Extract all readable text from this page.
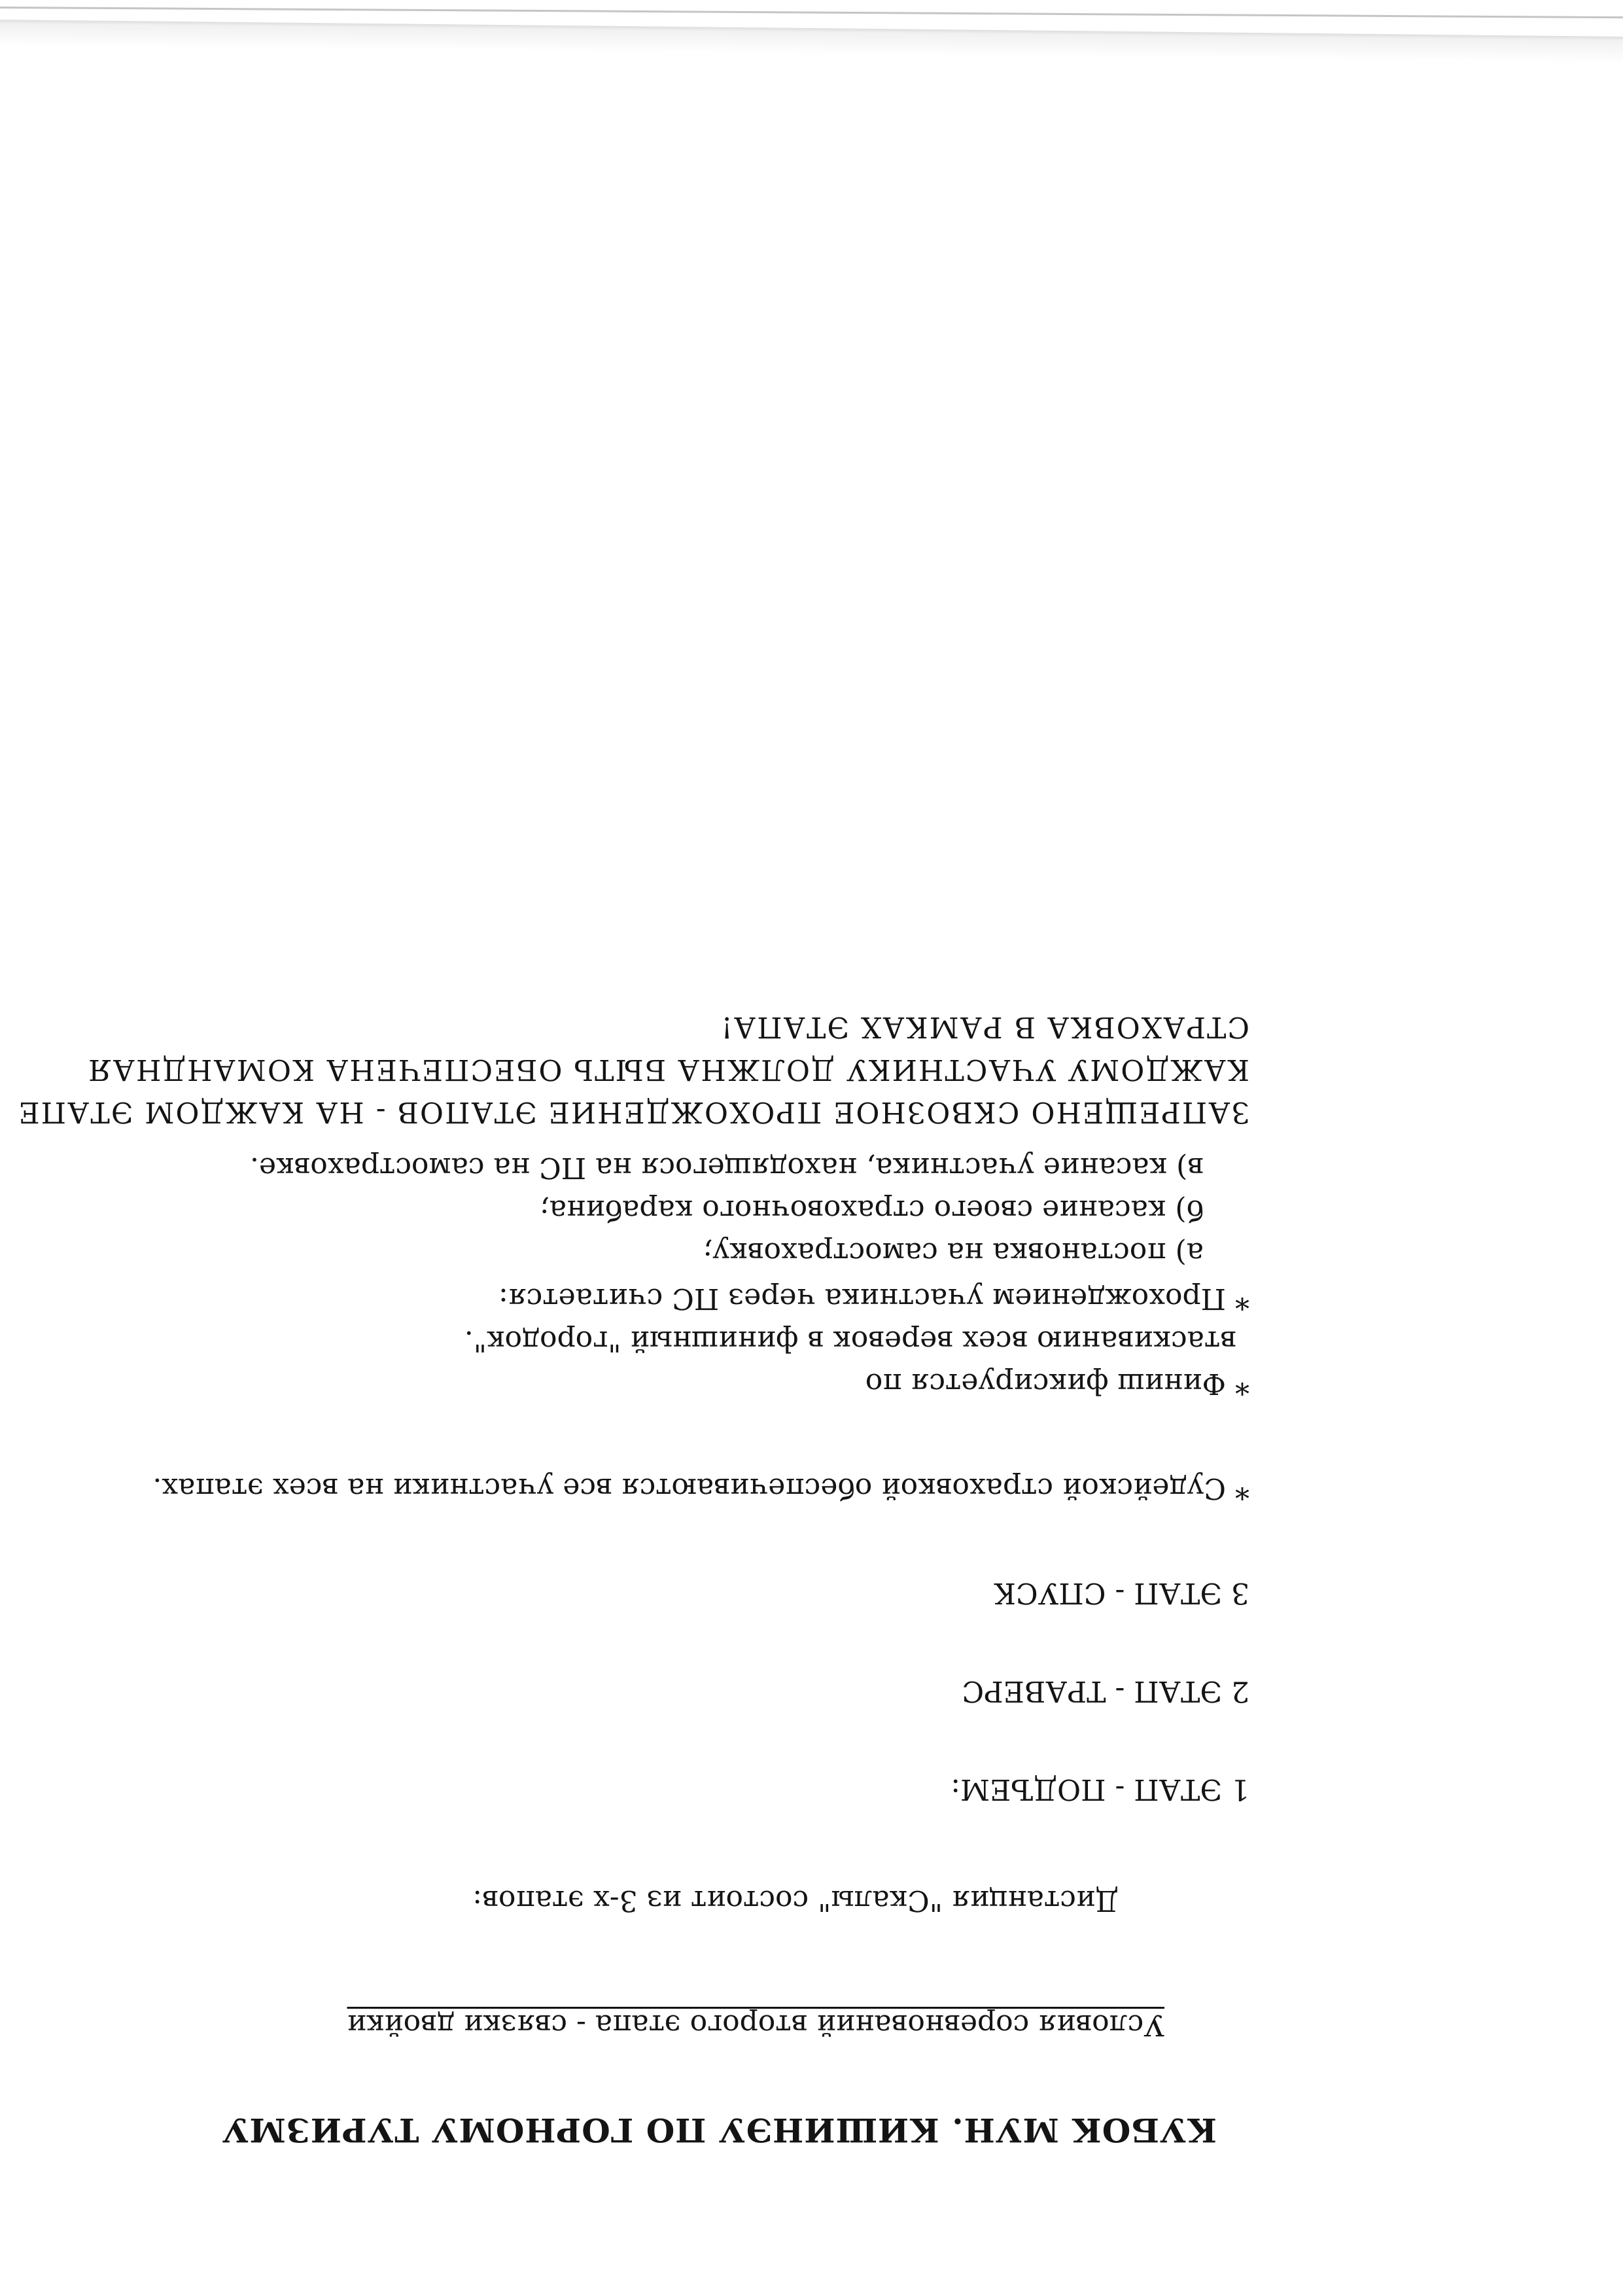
КУБОК МУН. КИШИНЭУ ПО ГОРНОМУ ТУРИЗМУ
Условия соревнований второго этапа - связки двойки
Дистанция "Скалы" состоит из 3-х этапов:
1 ЭТАП - ПОДЪЕМ:
2 ЭТАП - ТРАВЕРС
3 ЭТАП - СПУСК
* Судейской страховкой обеспечиваются все участники на всех этапах.
* Финиш фиксируется по
втаскиванию всех веревок в финишный "городок".
* Прохождением участника через ПС считается:
а) постановка на самостраховку;
б) касание своего страховочного карабина;
в) касание участника, находящегося на ПС на самостраховке.
ЗАПРЕЩЕНО СКВОЗНОЕ ПРОХОЖДЕНИЕ ЭТАПОВ - НА КАЖДОМ ЭТАПЕ
КАЖДОМУ УЧАСТНИКУ ДОЛЖНА БЫТЬ ОБЕСПЕЧЕНА КОМАНДНАЯ
СТРАХОВКА В РАМКАХ ЭТАПА!
